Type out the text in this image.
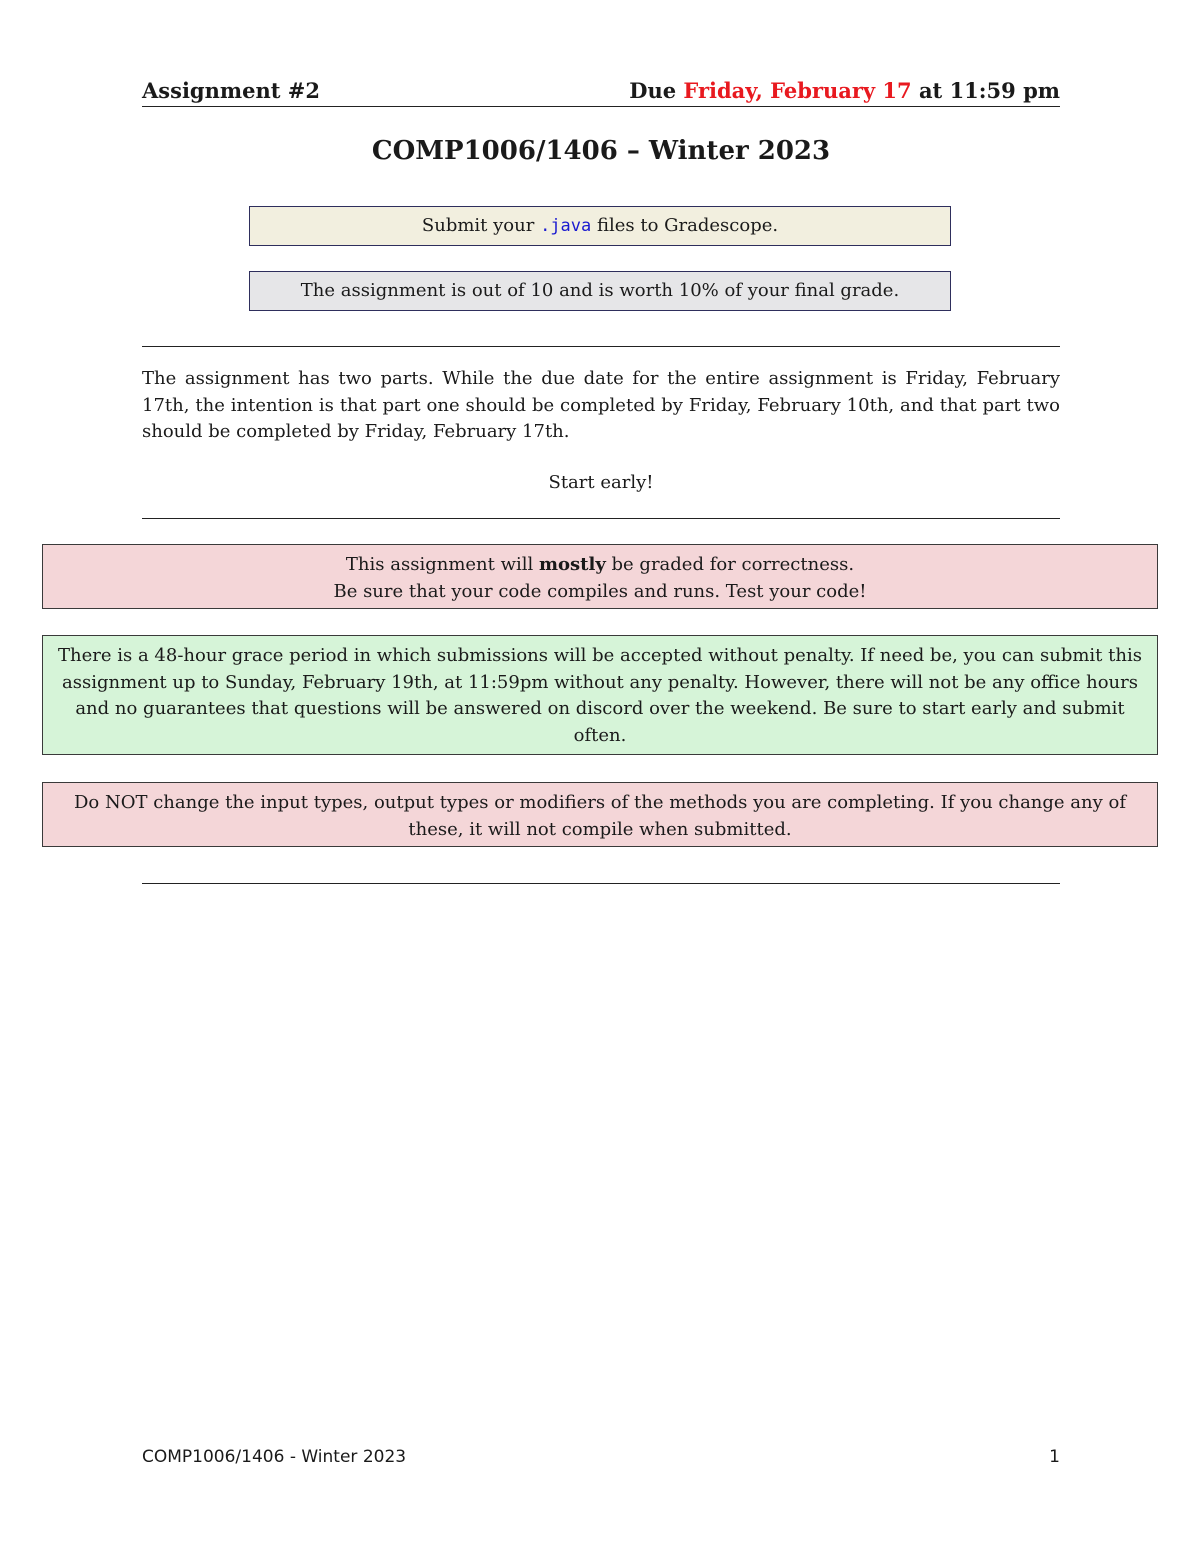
Assignment #2	Due Friday, February 17 at 11:59 pm
COMP1006/1406 – Winter 2023
Submit your .java files to Gradescope.
The assignment is out of 10 and is worth 10% of your final grade.
The assignment has two parts. While the due date for the entire assignment is Friday, February 17th, the intention is that part one should be completed by Friday, February 10th, and that part two should be completed by Friday, February 17th.
Start early!
This assignment will mostly be graded for correctness.
Be sure that your code compiles and runs. Test your code!
There is a 48-hour grace period in which submissions will be accepted without penalty. If need be, you can submit this assignment up to Sunday, February 19th, at 11:59pm without any penalty. However, there will not be any office hours and no guarantees that questions will be answered on discord over the weekend. Be sure to start early and submit often.
Do NOT change the input types, output types or modifiers of the methods you are completing. If you change any of these, it will not compile when submitted.
COMP1006/1406 - Winter 2023	1
